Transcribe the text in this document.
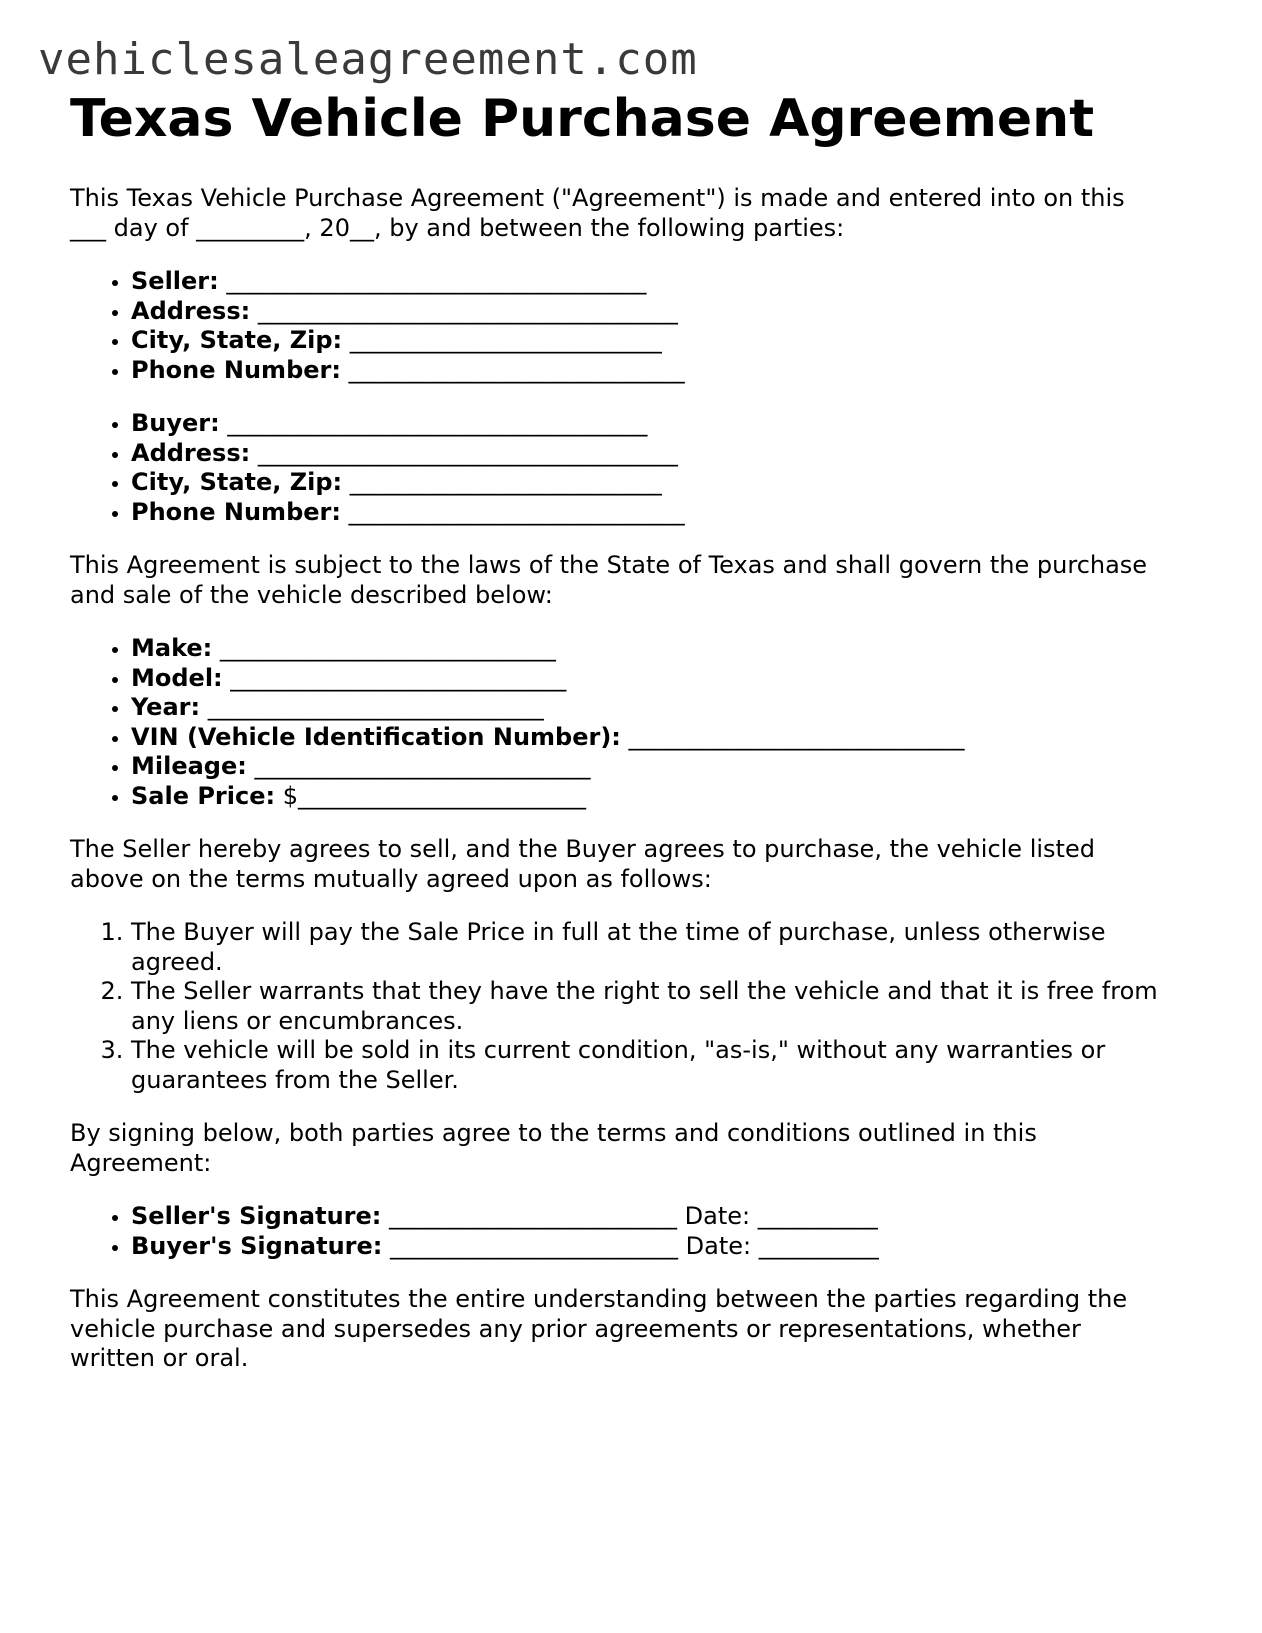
vehiclesaleagreement.com
Texas Vehicle Purchase Agreement

This Texas Vehicle Purchase Agreement ("Agreement") is made and entered into on this
___ day of _________, 20__, by and between the following parties:

• Seller: ___________________________________
• Address: ___________________________________
• City, State, Zip: __________________________
• Phone Number: ____________________________
• Buyer: ___________________________________
• Address: ___________________________________
• City, State, Zip: __________________________
• Phone Number: ____________________________

This Agreement is subject to the laws of the State of Texas and shall govern the purchase
and sale of the vehicle described below:

• Make: ____________________________
• Model: ____________________________
• Year: ____________________________
• VIN (Vehicle Identification Number): ____________________________
• Mileage: ____________________________
• Sale Price: $________________________

The Seller hereby agrees to sell, and the Buyer agrees to purchase, the vehicle listed
above on the terms mutually agreed upon as follows:

1. The Buyer will pay the Sale Price in full at the time of purchase, unless otherwise
agreed.
2. The Seller warrants that they have the right to sell the vehicle and that it is free from
any liens or encumbrances.
3. The vehicle will be sold in its current condition, "as-is," without any warranties or
guarantees from the Seller.

By signing below, both parties agree to the terms and conditions outlined in this
Agreement:

• Seller's Signature: ________________________ Date: __________
• Buyer's Signature: ________________________ Date: __________

This Agreement constitutes the entire understanding between the parties regarding the
vehicle purchase and supersedes any prior agreements or representations, whether
written or oral.
